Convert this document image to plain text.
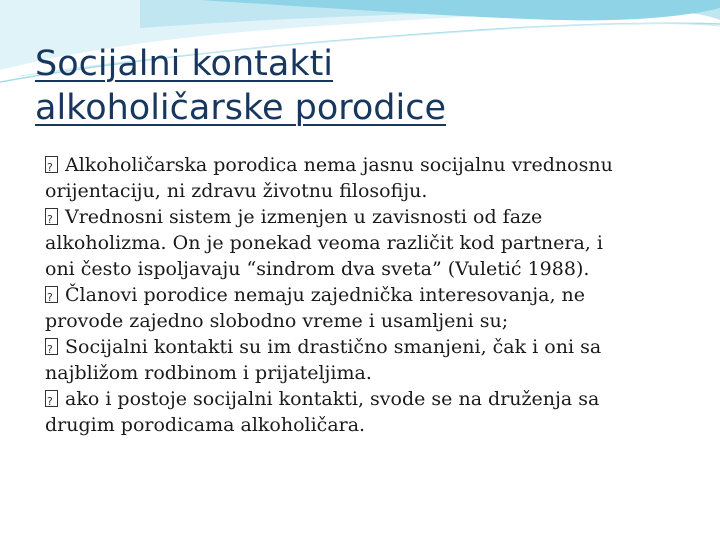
Socijalni kontakti
alkoholičarske porodice
?Alkoholičarska porodica nema jasnu socijalnu vrednosnu
orijentaciju, ni zdravu životnu filosofiju.
?Vrednosni sistem je izmenjen u zavisnosti od faze
alkoholizma. On je ponekad veoma različit kod partnera, i
oni često ispoljavaju “sindrom dva sveta” (Vuletić 1988).
?Članovi porodice nemaju zajednička interesovanja, ne
provode zajedno slobodno vreme i usamljeni su;
?Socijalni kontakti su im drastično smanjeni, čak i oni sa
najbližom rodbinom i prijateljima.
?ako i postoje socijalni kontakti, svode se na druženja sa
drugim porodicama alkoholičara.
